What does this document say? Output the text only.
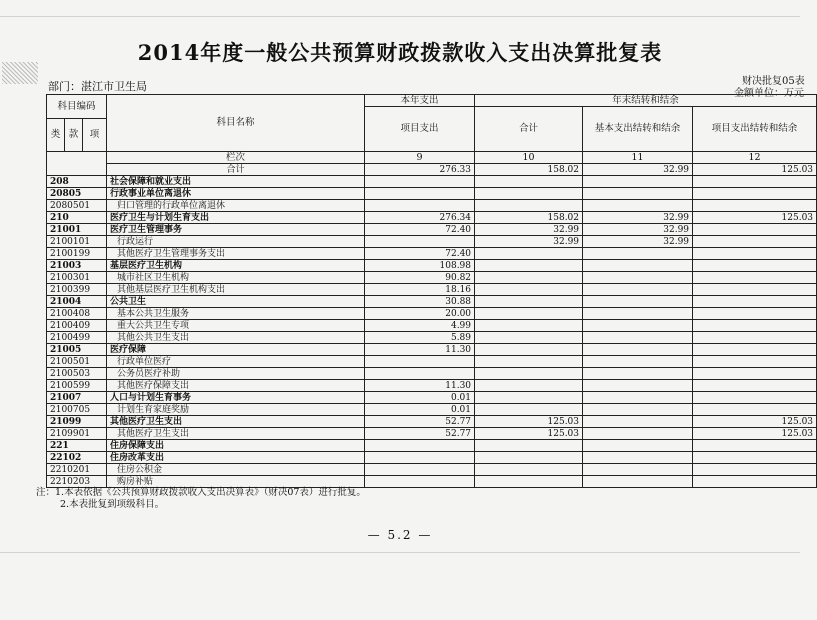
2014年度一般公共预算财政拨款收入支出决算批复表
部门：湛江市卫生局	财决批复05表
金额单位：万元
科目编码			科目名称	本年支出	年末结转和结余			
				项目支出	合计	基本支出结转和结余	项目支出结转和结余	

类	款	项						
			栏次	9	10	11	12	
			合计	276.33	158.02	32.99	125.03	
208			社会保障和就业支出					
20805			行政事业单位离退休					
2080501			归口管理的行政单位离退休					
210			医疗卫生与计划生育支出	276.34	158.02	32.99	125.03	
21001			医疗卫生管理事务	72.40	32.99	32.99		
2100101			行政运行		32.99	32.99		
2100199			其他医疗卫生管理事务支出	72.40				
21003			基层医疗卫生机构	108.98				
2100301			城市社区卫生机构	90.82				
2100399			其他基层医疗卫生机构支出	18.16				
21004			公共卫生	30.88				
2100408			基本公共卫生服务	20.00				
2100409			重大公共卫生专项	4.99				
2100499			其他公共卫生支出	5.89				
21005			医疗保障	11.30				
2100501			行政单位医疗					
2100503			公务员医疗补助					
2100599			其他医疗保障支出	11.30				
21007			人口与计划生育事务	0.01				
2100705			计划生育家庭奖励	0.01				
21099			其他医疗卫生支出	52.77	125.03		125.03	
2109901			其他医疗卫生支出	52.77	125.03		125.03	
221			住房保障支出					
22102			住房改革支出					
2210201			住房公积金					
2210203			购房补贴					
注：1.本表依据《公共预算财政拨款收入支出决算表》（财决07表）进行批复。
2.本表批复到项级科目。
— 5.2 —
